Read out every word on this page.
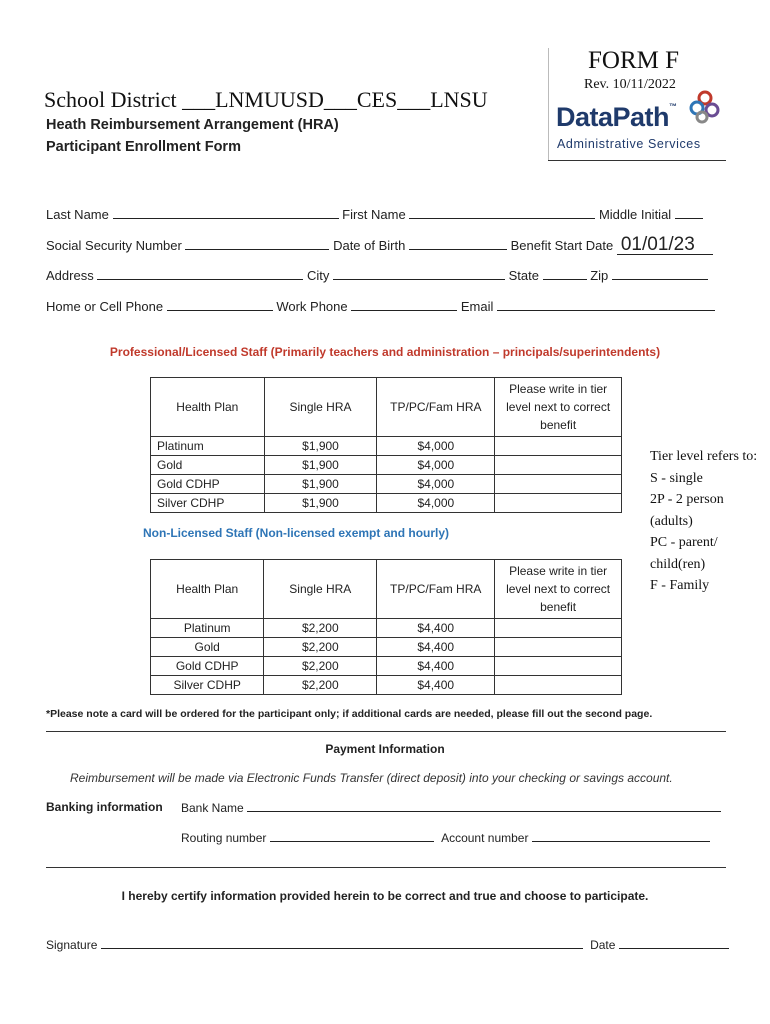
FORM F
Rev. 10/11/2022
School District ___LNMUUSD___CES___LNSU
Heath Reimbursement Arrangement (HRA)
Participant Enrollment Form
DataPath™
Administrative Services
Last Name	First Name	Middle Initial
Social Security Number	Date of Birth	Benefit Start Date 01/01/23
Address	City	State	Zip
Home or Cell Phone	Work Phone	Email
Professional/Licensed Staff (Primarily teachers and administration – principals/superintendents)
Health Plan	Single HRA	TP/PC/Fam HRA	Please write in tier level next to correct benefit
Platinum	$1,900	$4,000	
Gold	$1,900	$4,000	
Gold CDHP	$1,900	$4,000	
Silver CDHP	$1,900	$4,000	
Non-Licensed Staff (Non-licensed exempt and hourly)
Health Plan	Single HRA	TP/PC/Fam HRA	Please write in tier level next to correct benefit
Platinum	$2,200	$4,400	
Gold	$2,200	$4,400	
Gold CDHP	$2,200	$4,400	
Silver CDHP	$2,200	$4,400	
Tier level refers to:
S - single
2P - 2 person
(adults)
PC - parent/
child(ren)
F - Family
*Please note a card will be ordered for the participant only; if additional cards are needed, please fill out the second page.
Payment Information
Reimbursement will be made via Electronic Funds Transfer (direct deposit) into your checking or savings account.
Banking information Bank Name
Routing number	Account number
I hereby certify information provided herein to be correct and true and choose to participate.
Signature	Date
